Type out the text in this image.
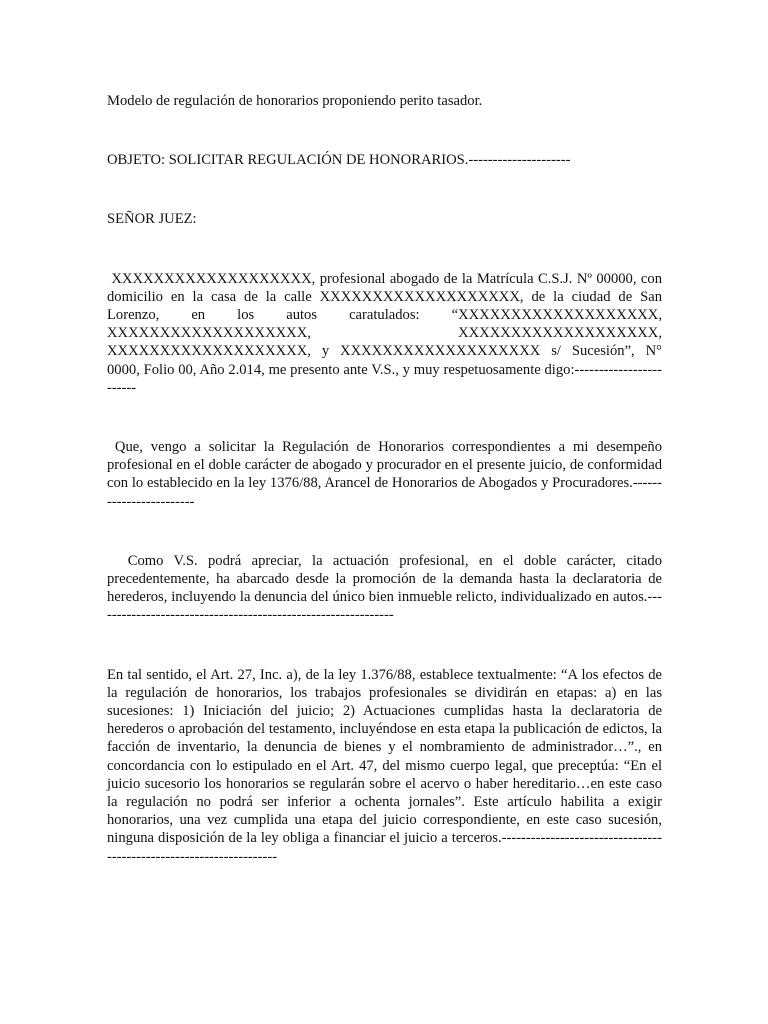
Modelo de regulación de honorarios proponiendo perito tasador.

OBJETO: SOLICITAR REGULACIÓN DE HONORARIOS.---------------------

SEÑOR JUEZ:

XXXXXXXXXXXXXXXXXXX, profesional abogado de la Matrícula C.S.J. Nº 00000, con domicilio en la casa de la calle XXXXXXXXXXXXXXXXXXX, de la ciudad de San Lorenzo, en los autos caratulados: “XXXXXXXXXXXXXXXXXXX, XXXXXXXXXXXXXXXXXXX, XXXXXXXXXXXXXXXXXXX, XXXXXXXXXXXXXXXXXXX, y XXXXXXXXXXXXXXXXXXX s/ Sucesión”, N° 0000, Folio 00, Año 2.014, me presento ante V.S., y muy respetuosamente digo:------------------------

Que, vengo a solicitar la Regulación de Honorarios correspondientes a mi desempeño profesional en el doble carácter de abogado y procurador en el presente juicio, de conformidad con lo establecido en la ley 1376/88, Arancel de Honorarios de Abogados y Procuradores.------------------------

Como V.S. podrá apreciar, la actuación profesional, en el doble carácter, citado precedentemente, ha abarcado desde la promoción de la demanda hasta la declaratoria de herederos, incluyendo la denuncia del único bien inmueble relicto, individualizado en autos.--------------------------------------------------------------

En tal sentido, el Art. 27, Inc. a), de la ley 1.376/88, establece textualmente: “A los efectos de la regulación de honorarios, los trabajos profesionales se dividirán en etapas: a) en las sucesiones: 1) Iniciación del juicio; 2) Actuaciones cumplidas hasta la declaratoria de herederos o aprobación del testamento, incluyéndose en esta etapa la publicación de edictos, la facción de inventario, la denuncia de bienes y el nombramiento de administrador…”., en concordancia con lo estipulado en el Art. 47, del mismo cuerpo legal, que preceptúa: “En el juicio sucesorio los honorarios se regularán sobre el acervo o haber hereditario…en este caso la regulación no podrá ser inferior a ochenta jornales”. Este artículo habilita a exigir honorarios, una vez cumplida una etapa del juicio correspondiente, en este caso sucesión, ninguna disposición de la ley obliga a financiar el juicio a terceros.--------------------------------------------------------------------
